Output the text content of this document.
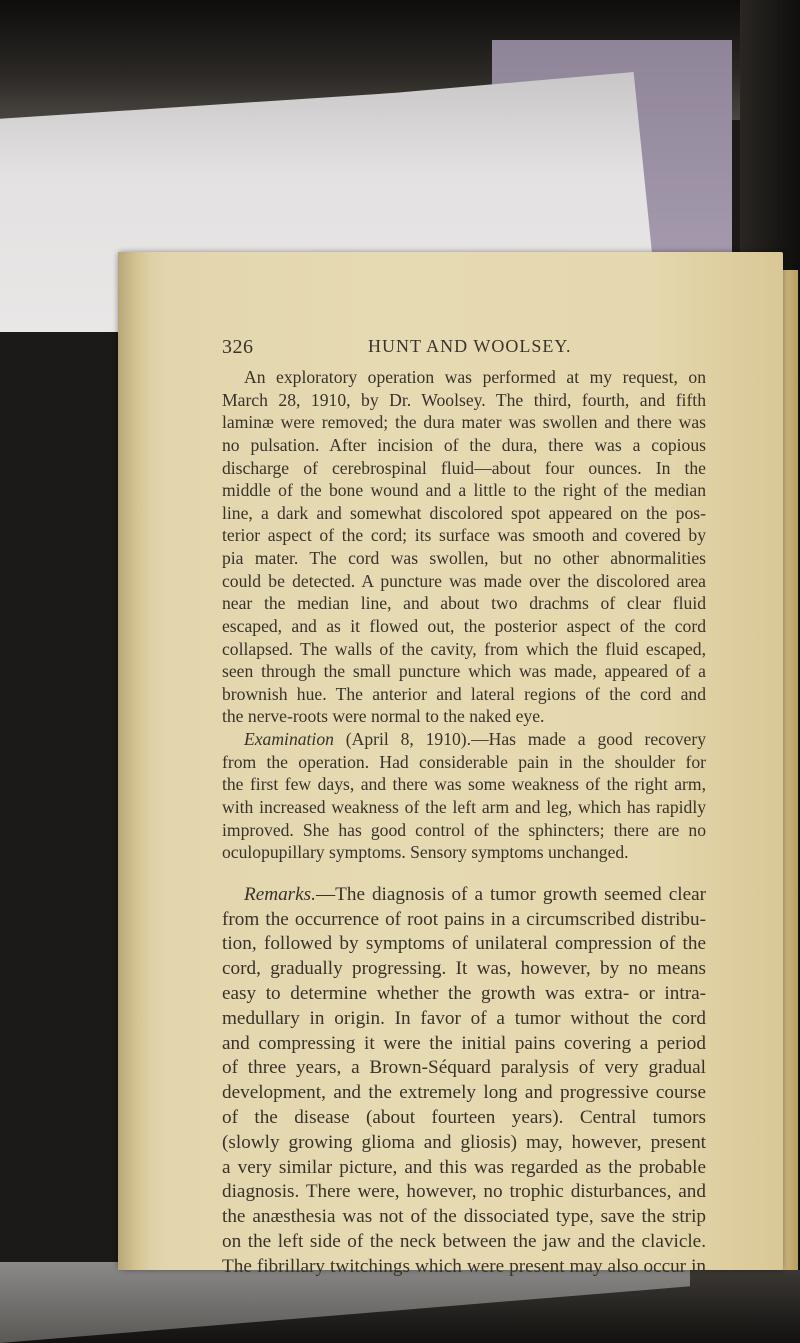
326	HUNT AND WOOLSEY.

An exploratory operation was performed at my request, on
March 28, 1910, by Dr. Woolsey. The third, fourth, and fifth
laminæ were removed; the dura mater was swollen and there was
no pulsation. After incision of the dura, there was a copious
discharge of cerebrospinal fluid—about four ounces. In the
middle of the bone wound and a little to the right of the median
line, a dark and somewhat discolored spot appeared on the pos-
terior aspect of the cord; its surface was smooth and covered by
pia mater. The cord was swollen, but no other abnormalities
could be detected. A puncture was made over the discolored area
near the median line, and about two drachms of clear fluid
escaped, and as it flowed out, the posterior aspect of the cord
collapsed. The walls of the cavity, from which the fluid escaped,
seen through the small puncture which was made, appeared of a
brownish hue. The anterior and lateral regions of the cord and
the nerve-roots were normal to the naked eye.

Examination (April 8, 1910).—Has made a good recovery
from the operation. Had considerable pain in the shoulder for
the first few days, and there was some weakness of the right arm,
with increased weakness of the left arm and leg, which has rapidly
improved. She has good control of the sphincters; there are no
oculopupillary symptoms. Sensory symptoms unchanged.

Remarks.—The diagnosis of a tumor growth seemed clear
from the occurrence of root pains in a circumscribed distribu-
tion, followed by symptoms of unilateral compression of the
cord, gradually progressing. It was, however, by no means
easy to determine whether the growth was extra- or intra-
medullary in origin. In favor of a tumor without the cord
and compressing it were the initial pains covering a period
of three years, a Brown-Séquard paralysis of very gradual
development, and the extremely long and progressive course
of the disease (about fourteen years). Central tumors
(slowly growing glioma and gliosis) may, however, present
a very similar picture, and this was regarded as the probable
diagnosis. There were, however, no trophic disturbances, and
the anæsthesia was not of the dissociated type, save the strip
on the left side of the neck between the jaw and the clavicle.
The fibrillary twitchings which were present may also occur in
